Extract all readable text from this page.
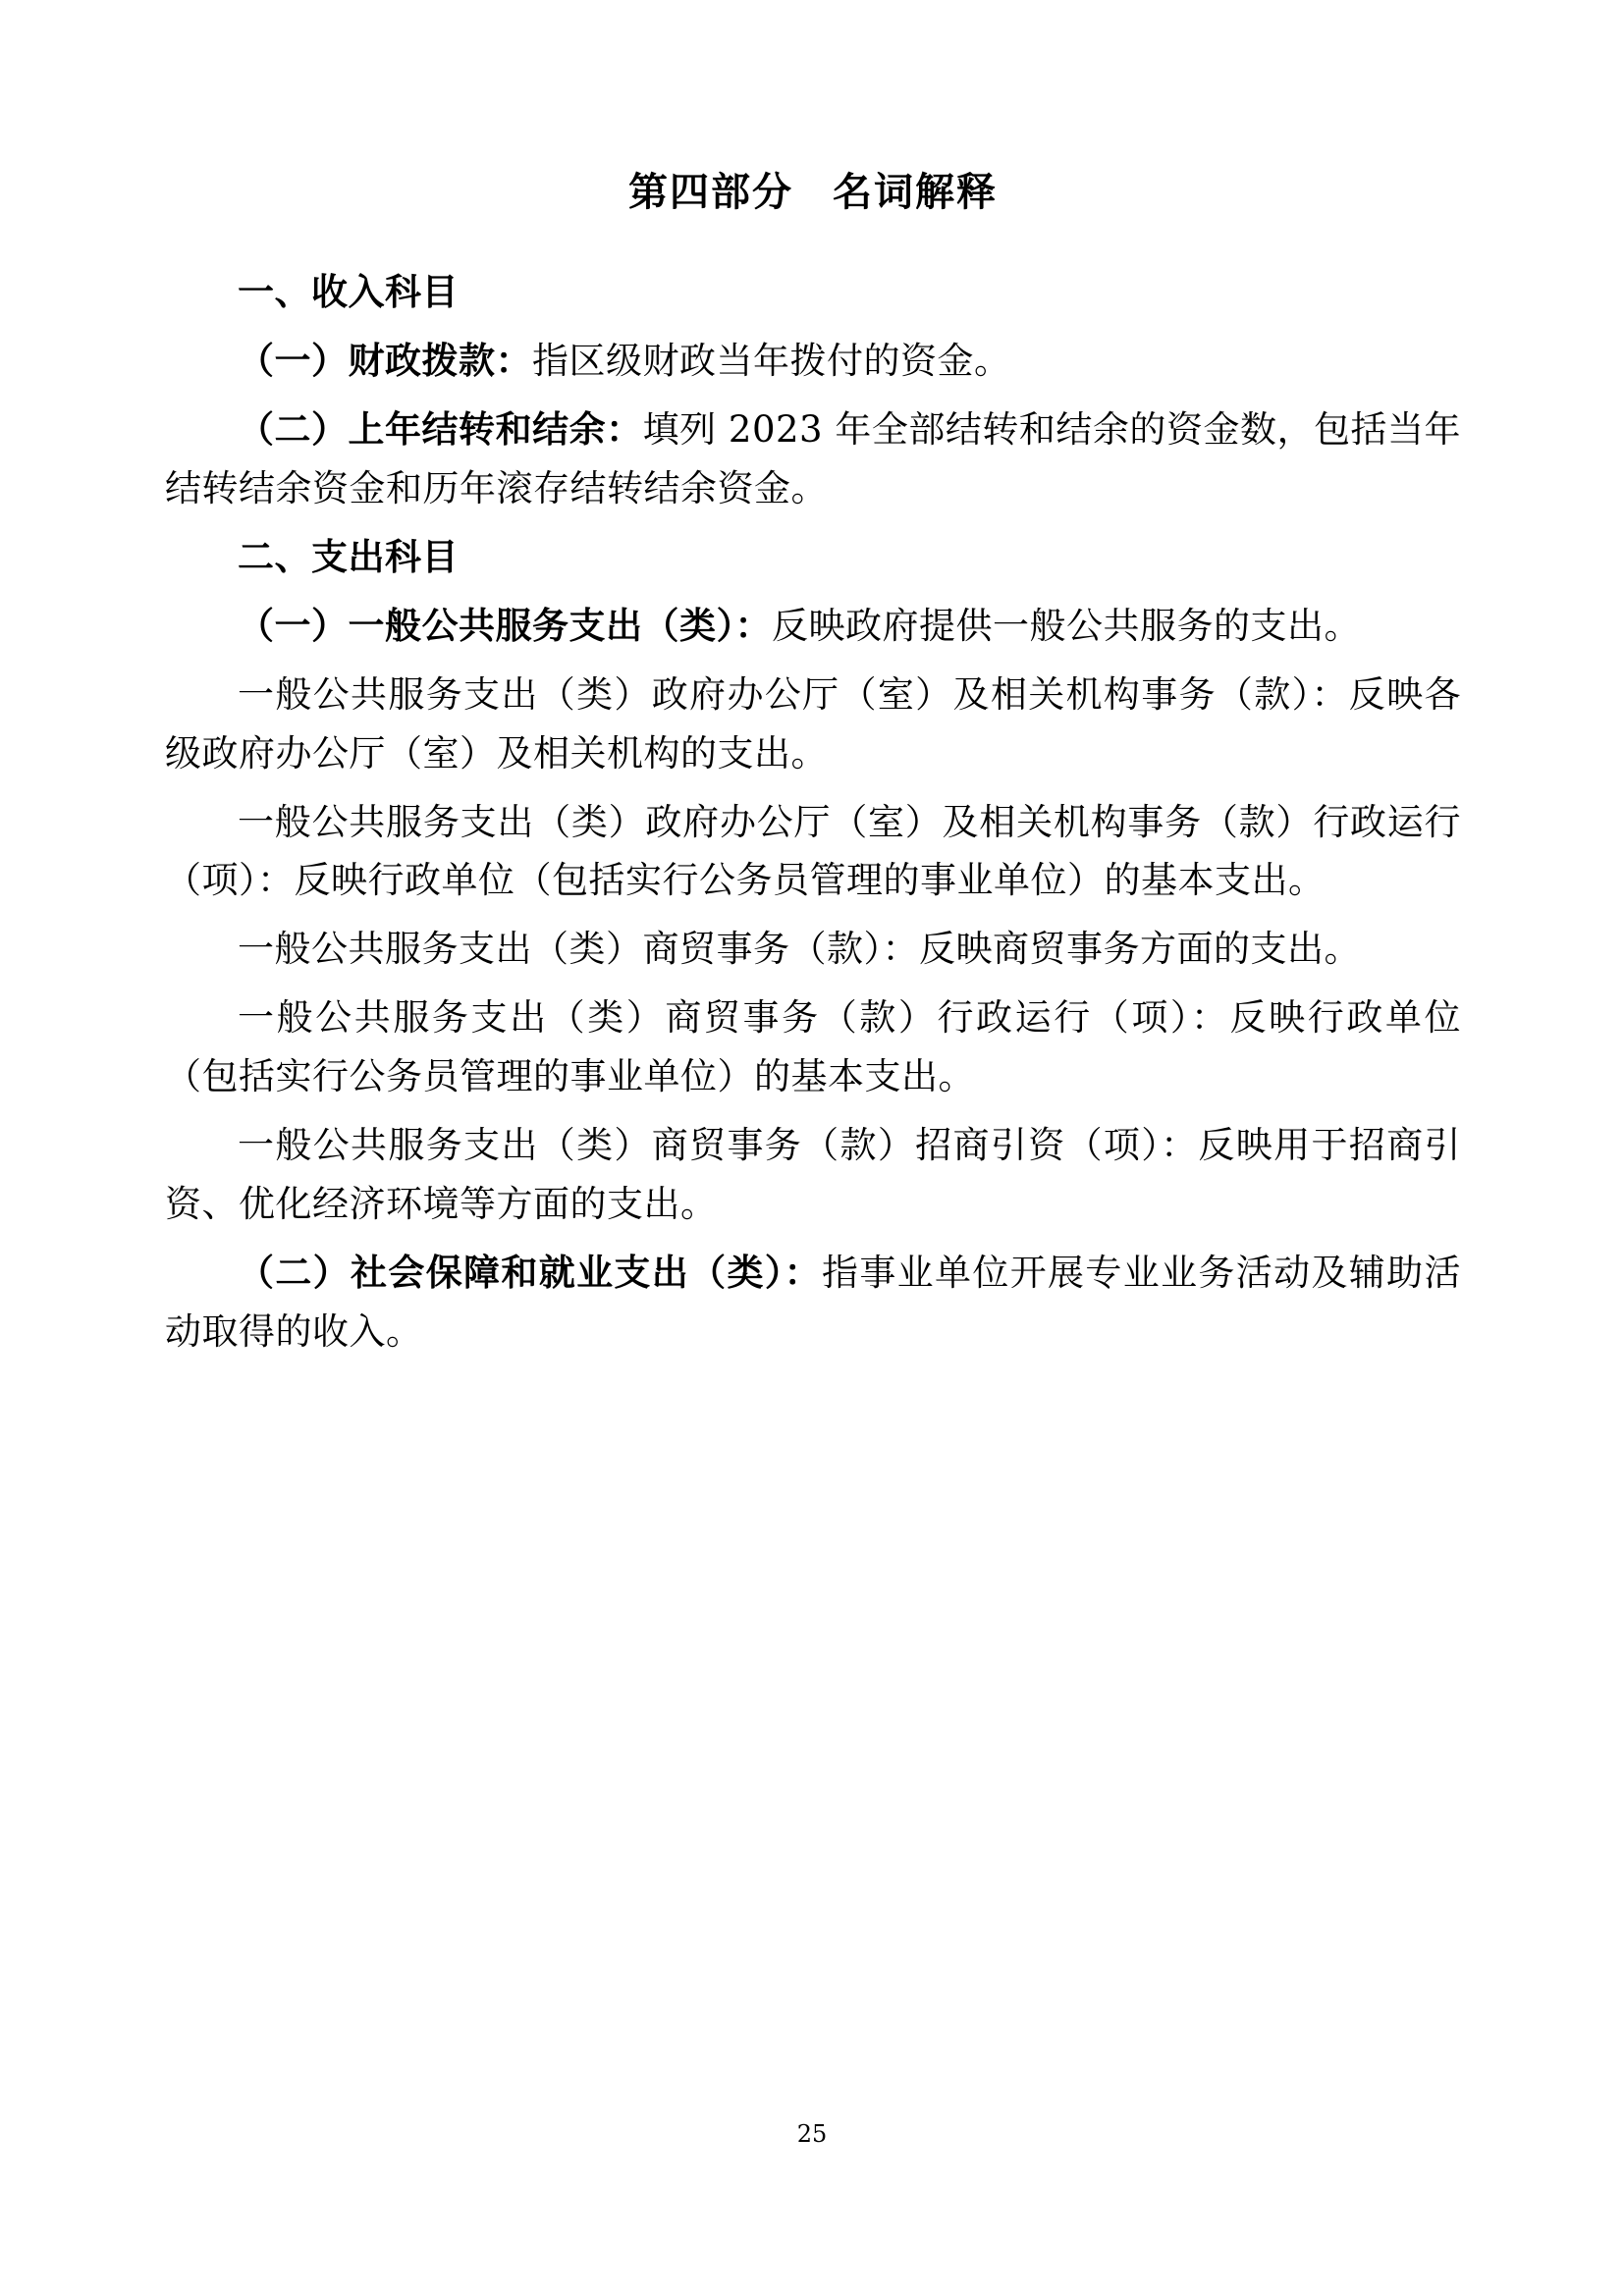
第四部分 名词解释

一、收入科目

（一）财政拨款：指区级财政当年拨付的资金。

（二）上年结转和结余：填列 2023 年全部结转和结余的资金数，包括当年结转结余资金和历年滚存结转结余资金。

二、支出科目

（一）一般公共服务支出（类）：反映政府提供一般公共服务的支出。

一般公共服务支出（类）政府办公厅（室）及相关机构事务（款）：反映各级政府办公厅（室）及相关机构的支出。

一般公共服务支出（类）政府办公厅（室）及相关机构事务（款）行政运行（项）：反映行政单位（包括实行公务员管理的事业单位）的基本支出。

一般公共服务支出（类）商贸事务（款）：反映商贸事务方面的支出。

一般公共服务支出（类）商贸事务（款）行政运行（项）：反映行政单位（包括实行公务员管理的事业单位）的基本支出。

一般公共服务支出（类）商贸事务（款）招商引资（项）：反映用于招商引资、优化经济环境等方面的支出。

（二）社会保障和就业支出（类）：指事业单位开展专业业务活动及辅助活动取得的收入。

25
